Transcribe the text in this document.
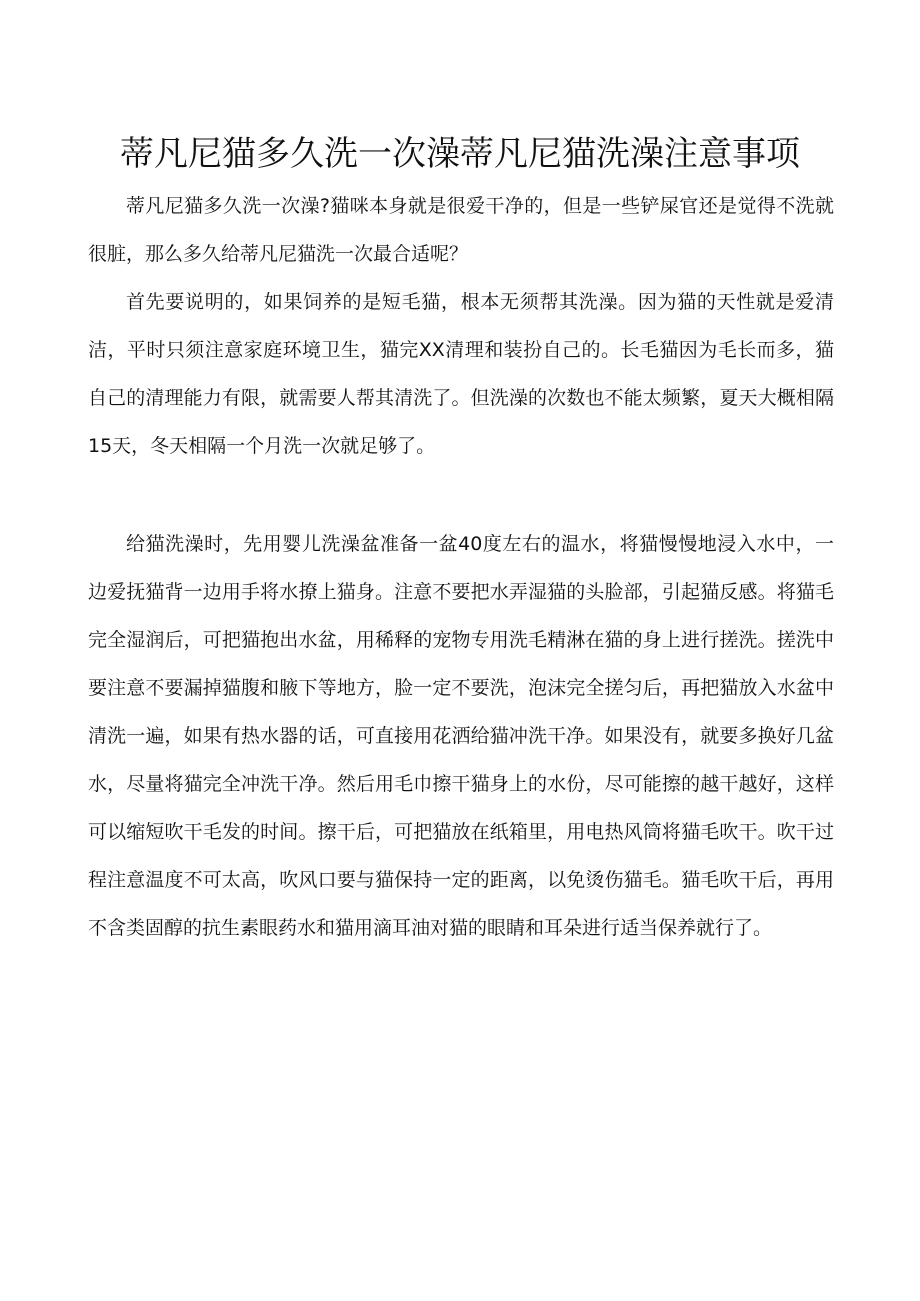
蒂凡尼猫多久洗一次澡蒂凡尼猫洗澡注意事项

蒂凡尼猫多久洗一次澡?猫咪本身就是很爱干净的，但是一些铲屎官还是觉得不洗就很脏，那么多久给蒂凡尼猫洗一次最合适呢？

首先要说明的，如果饲养的是短毛猫，根本无须帮其洗澡。因为猫的天性就是爱清洁，平时只须注意家庭环境卫生，猫完XX清理和装扮自己的。长毛猫因为毛长而多，猫自己的清理能力有限，就需要人帮其清洗了。但洗澡的次数也不能太频繁，夏天大概相隔15天，冬天相隔一个月洗一次就足够了。

给猫洗澡时，先用婴儿洗澡盆准备一盆40度左右的温水，将猫慢慢地浸入水中，一边爱抚猫背一边用手将水撩上猫身。注意不要把水弄湿猫的头脸部，引起猫反感。将猫毛完全湿润后，可把猫抱出水盆，用稀释的宠物专用洗毛精淋在猫的身上进行搓洗。搓洗中要注意不要漏掉猫腹和腋下等地方，脸一定不要洗，泡沫完全搓匀后，再把猫放入水盆中清洗一遍，如果有热水器的话，可直接用花洒给猫冲洗干净。如果没有，就要多换好几盆水，尽量将猫完全冲洗干净。然后用毛巾擦干猫身上的水份，尽可能擦的越干越好，这样可以缩短吹干毛发的时间。擦干后，可把猫放在纸箱里，用电热风筒将猫毛吹干。吹干过程注意温度不可太高，吹风口要与猫保持一定的距离，以免烫伤猫毛。猫毛吹干后，再用不含类固醇的抗生素眼药水和猫用滴耳油对猫的眼睛和耳朵进行适当保养就行了。
